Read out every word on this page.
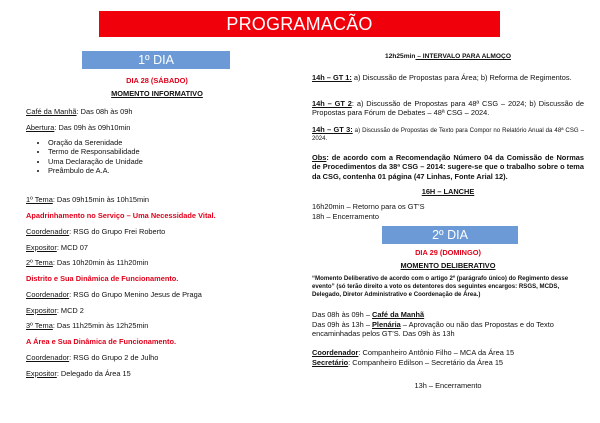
PROGRAMACÃO
1º DIA
DIA 28 (SÁBADO)
MOMENTO INFORMATIVO
Café da Manhã: Das 08h às 09h
Abertura: Das 09h às 09h10min
• Oração da Serenidade
• Termo de Responsabilidade
• Uma Declaração de Unidade
• Preâmbulo de A.A.
1º Tema: Das 09h15min às 10h15min
Apadrinhamento no Serviço – Uma Necessidade Vital.
Coordenador: RSG do Grupo Frei Roberto
Expositor: MCD 07
2º Tema: Das 10h20min às 11h20min
Distrito e Sua Dinâmica de Funcionamento.
Coordenador: RSG do Grupo Menino Jesus de Praga
Expositor: MCD 2
3º Tema: Das 11h25min às 12h25min
A Área e Sua Dinâmica de Funcionamento.
Coordenador: RSG do Grupo 2 de Julho
Expositor: Delegado da Área 15
12h25min – INTERVALO PARA ALMOÇO
14h – GT 1: a) Discussão de Propostas para Área; b) Reforma de Regimentos.
14h – GT 2: a) Discussão de Propostas para 48ª CSG – 2024; b) Discussão de Propostas para Fórum de Debates – 48ª CSG – 2024.
14h – GT 3: a) Discussão de Propostas de Texto para Compor no Relatório Anual da 48ª CSG – 2024.
Obs: de acordo com a Recomendação Número 04 da Comissão de Normas de Procedimentos da 38ª CSG – 2014: sugere-se que o trabalho sobre o tema da CSG, contenha 01 página (47 Linhas, Fonte Arial 12).
16H – LANCHE
16h20min – Retorno para os GT’S
18h – Encerramento
2º DIA
DIA 29 (DOMINGO)
MOMENTO DELIBERATIVO
“Momento Deliberativo de acordo com o artigo 2º (parágrafo único) do Regimento desse evento” (só terão direito a voto os detentores dos seguintes encargos: RSGS, MCDS, Delegado, Diretor Administrativo e Coordenação de Área.)
Das 08h às 09h – Café da Manhã
Das 09h às 13h – Plenária – Aprovação ou não das Propostas e do Texto encaminhadas pelos GT’S. Das 09h às 13h
Coordenador: Companheiro Antônio Filho – MCA da Área 15
Secretário: Companheiro Edilson – Secretário da Área 15
13h – Encerramento
